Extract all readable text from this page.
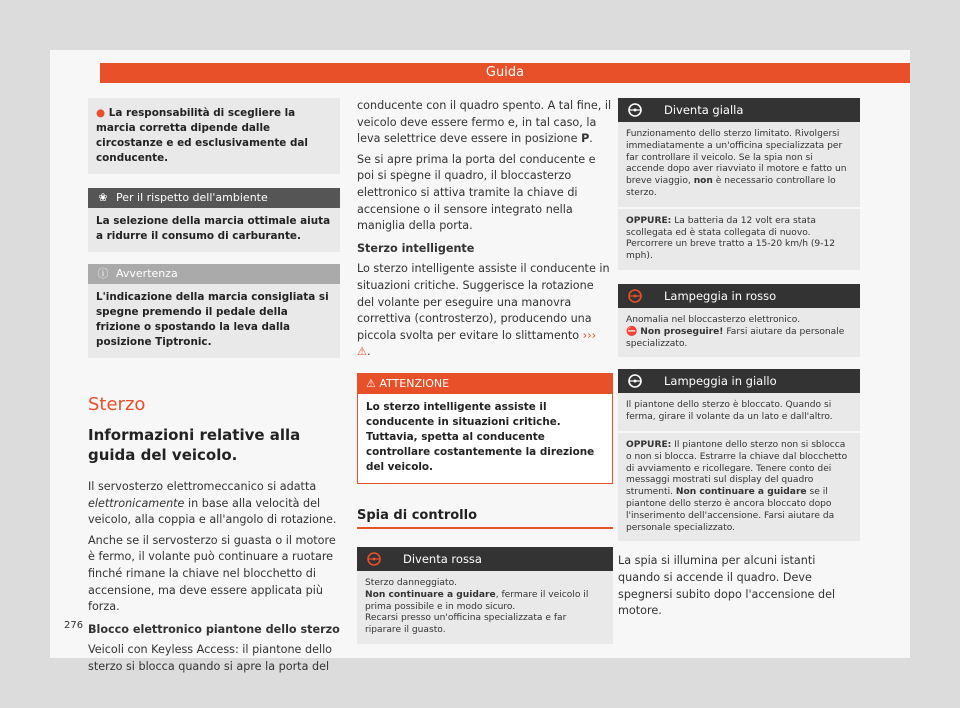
Guida
● La responsabilità di scegliere la marcia corretta dipende dalle circostanze e ed esclusivamente dal conducente.
❀ Per il rispetto dell'ambiente
La selezione della marcia ottimale aiuta a ridurre il consumo di carburante.
ⓘ Avvertenza
L'indicazione della marcia consigliata si spegne premendo il pedale della frizione o spostando la leva dalla posizione Tiptronic.
Sterzo
Informazioni relative alla guida del veicolo.

Il servosterzo elettromeccanico si adatta elettronicamente in base alla velocità del veicolo, alla coppia e all'angolo di rotazione.

Anche se il servosterzo si guasta o il motore è fermo, il volante può continuare a ruotare finché rimane la chiave nel blocchetto di accensione, ma deve essere applicata più forza.

Blocco elettronico piantone dello sterzo

Veicoli con Keyless Access: il piantone dello sterzo si blocca quando si apre la porta del

conducente con il quadro spento. A tal fine, il veicolo deve essere fermo e, in tal caso, la leva selettrice deve essere in posizione P.

Se si apre prima la porta del conducente e poi si spegne il quadro, il bloccasterzo elettronico si attiva tramite la chiave di accensione o il sensore integrato nella maniglia della porta.

Sterzo intelligente

Lo sterzo intelligente assiste il conducente in situazioni critiche. Suggerisce la rotazione del volante per eseguire una manovra correttiva (controsterzo), producendo una piccola svolta per evitare lo slittamento ››› ⚠.

⚠ ATTENZIONE
Lo sterzo intelligente assiste il conducente in situazioni critiche. Tuttavia, spetta al conducente controllare costantemente la direzione del veicolo.
Spia di controllo
Diventa rossa
Sterzo danneggiato.
Non continuare a guidare, fermare il veicolo il prima possibile e in modo sicuro.
Recarsi presso un'officina specializzata e far riparare il guasto.
Diventa gialla
Funzionamento dello sterzo limitato. Rivolgersi immediatamente a un'officina specializzata per far controllare il veicolo. Se la spia non si accende dopo aver riavviato il motore e fatto un breve viaggio, non è necessario controllare lo sterzo.
OPPURE: La batteria da 12 volt era stata scollegata ed è stata collegata di nuovo. Percorrere un breve tratto a 15-20 km/h (9-12 mph).
Lampeggia in rosso
Anomalia nel bloccasterzo elettronico.
⛔ Non proseguire! Farsi aiutare da personale specializzato.
Lampeggia in giallo
Il piantone dello sterzo è bloccato. Quando si ferma, girare il volante da un lato e dall'altro.
OPPURE: Il piantone dello sterzo non si sblocca o non si blocca. Estrarre la chiave dal blocchetto di avviamento e ricollegare. Tenere conto dei messaggi mostrati sul display del quadro strumenti. Non continuare a guidare se il piantone dello sterzo è ancora bloccato dopo l'inserimento dell'accensione. Farsi aiutare da personale specializzato.

La spia si illumina per alcuni istanti quando si accende il quadro. Deve spegnersi subito dopo l'accensione del motore.

276
